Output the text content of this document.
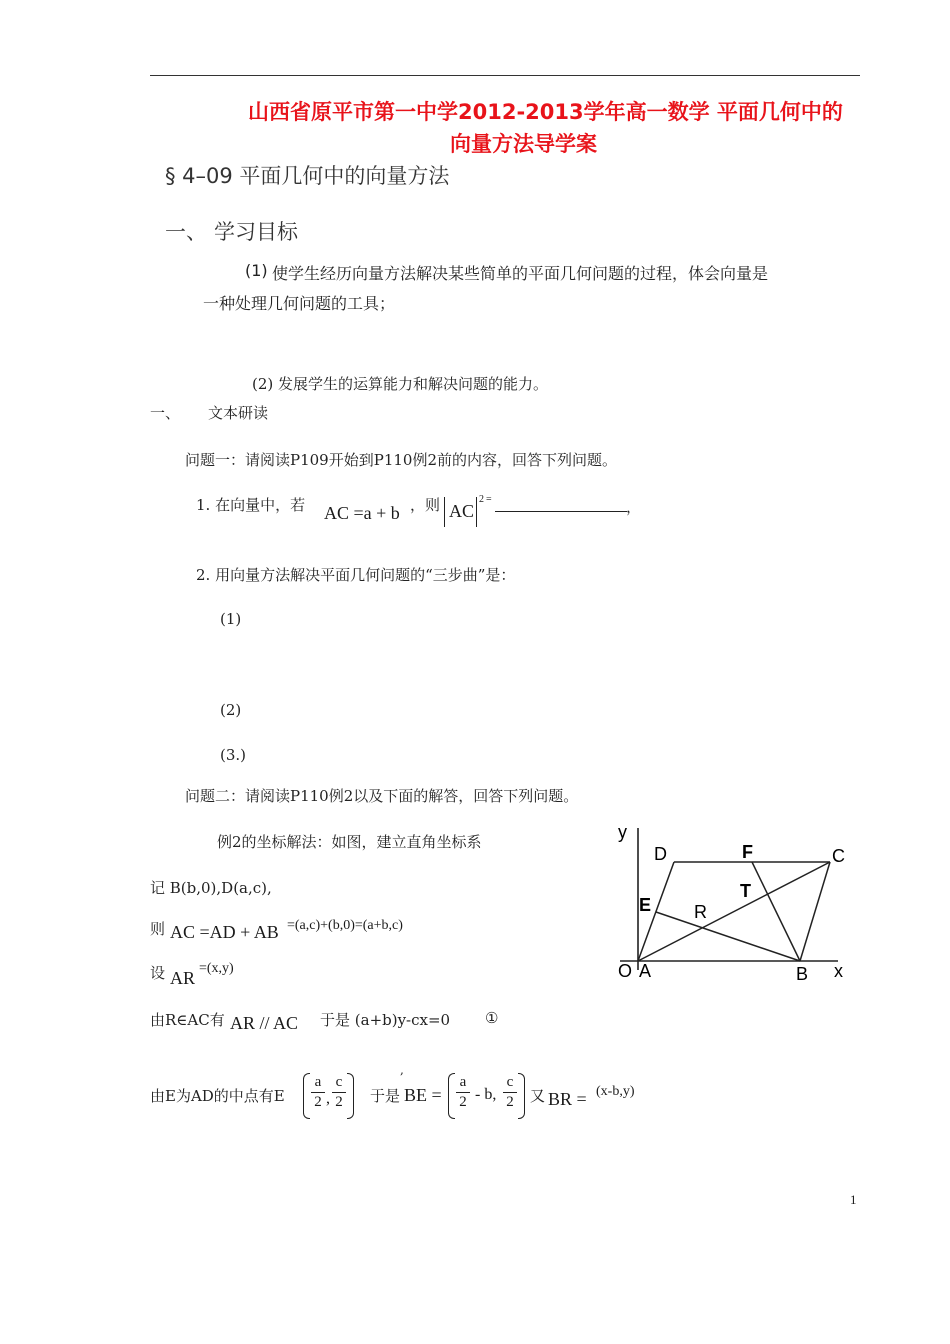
山西省原平市第一中学2012-2013学年高一数学 平面几何中的
向量方法导学案
§ 4–09 平面几何中的向量方法
一、 学习目标
(1) 使学生经历向量方法解决某些简单的平面几何问题的过程，体会向量是
一种处理几何问题的工具；
(2) 发展学生的运算能力和解决问题的能力。
一、 文本研读
问题一：请阅读P109开始到P110例2前的内容，回答下列问题。
1. 在向量中，若 AC =a + b ，则 AC
2 =	，
2. 用向量方法解决平面几何问题的“三步曲”是：
(1)
(2)
(3.)
问题二：请阅读P110例2以及下面的解答，回答下列问题。
例2的坐标解法：如图，建立直角坐标系
记 B(b,0),D(a,c),
则 AC =AD + AB =(a,c)+(b,0)=(a+b,c)
设 AR =(x,y)
由R∈AC有 AR // AC 于是 (a+b)y-cx=0 ①
,
由E为AD的中点有E
a
2 ,
c
2 于是 BE =
a
2 - b,
c
2 又 BR = (x-b,y)
y
x
D	F	C
E R
T
O A	B
1
